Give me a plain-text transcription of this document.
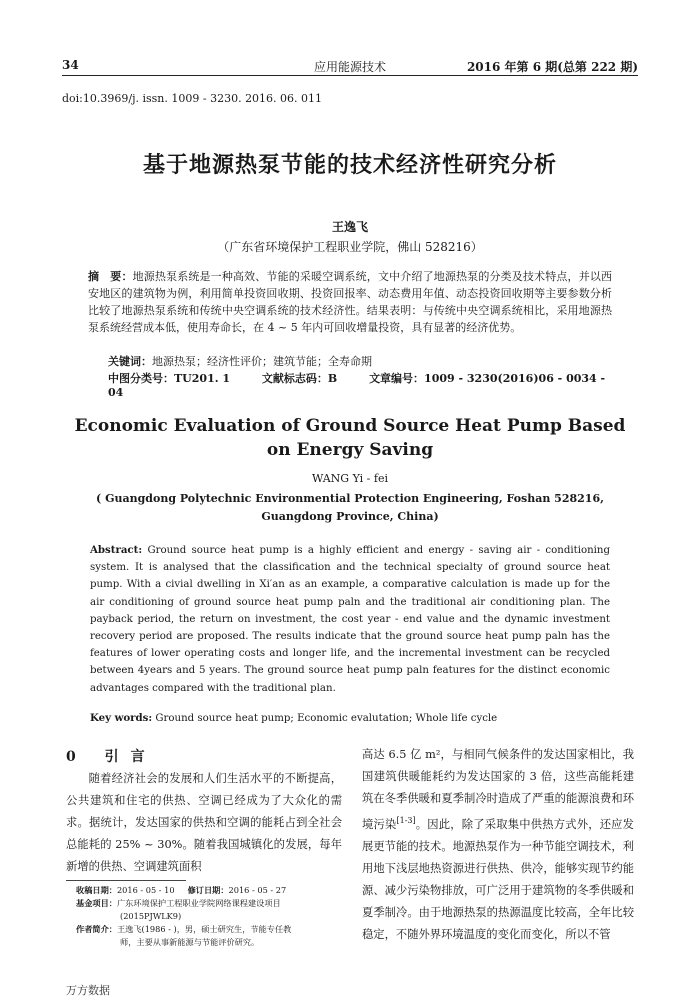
34	应用能源技术	2016 年第 6 期(总第 222 期)
doi:10.3969/j. issn. 1009 - 3230. 2016. 06. 011
基于地源热泵节能的技术经济性研究分析
王逸飞
（广东省环境保护工程职业学院，佛山 528216）
摘　要：地源热泵系统是一种高效、节能的采暖空调系统，文中介绍了地源热泵的分类及技术特点，并以西安地区的建筑物为例，利用简单投资回收期、投资回报率、动态费用年值、动态投资回收期等主要参数分析比较了地源热泵系统和传统中央空调系统的技术经济性。结果表明：与传统中央空调系统相比，采用地源热泵系统经营成本低，使用寿命长，在 4 ~ 5 年内可回收增量投资，具有显著的经济优势。
关键词：地源热泵；经济性评价；建筑节能；全寿命期
中图分类号：TU201. 1	文献标志码：B	文章编号：1009 - 3230(2016)06 - 0034 - 04
Economic Evaluation of Ground Source Heat Pump Based
on Energy Saving
WANG Yi - fei
( Guangdong Polytechnic Environmential Protection Engineering, Foshan 528216,
Guangdong Province, China)
Abstract: Ground source heat pump is a highly efficient and energy - saving air - conditioning system. It is analysed that the classification and the technical specialty of ground source heat pump. With a civial dwelling in Xi′an as an example, a comparative calculation is made up for the air conditioning of ground source heat pump paln and the traditional air conditioning plan. The payback period, the return on investment, the cost year - end value and the dynamic investment recovery period are proposed. The results indicate that the ground source heat pump paln has the features of lower operating costs and longer life, and the incremental investment can be recycled between 4years and 5 years. The ground source heat pump paln features for the distinct economic advantages compared with the traditional plan.
Key words: Ground source heat pump; Economic evalutation; Whole life cycle
0 引言
随着经济社会的发展和人们生活水平的不断提高，公共建筑和住宅的供热、空调已经成为了大众化的需求。据统计，发达国家的供热和空调的能耗占到全社会总能耗的 25% ~ 30%。随着我国城镇化的发展，每年新增的供热、空调建筑面积
高达 6.5 亿 m²，与相同气候条件的发达国家相比，我国建筑供暖能耗约为发达国家的 3 倍，这些高能耗建筑在冬季供暖和夏季制冷时造成了严重的能源浪费和环境污染[1-3]。因此，除了采取集中供热方式外，还应发展更节能的技术。地源热泵作为一种节能空调技术，利用地下浅层地热资源进行供热、供冷，能够实现节约能源、减少污染物排放，可广泛用于建筑物的冬季供暖和夏季制冷。由于地源热泵的热源温度比较高，全年比较稳定，不随外界环境温度的变化而变化，所以不管
收稿日期：2016 - 05 - 10 修订日期：2016 - 05 - 27
基金项目：广东环境保护工程职业学院网络课程建设项目
(2015PJWLK9)
作者简介：王逸飞(1986 - )，男，硕士研究生，节能专任教
师，主要从事新能源与节能评价研究。
万方数据
